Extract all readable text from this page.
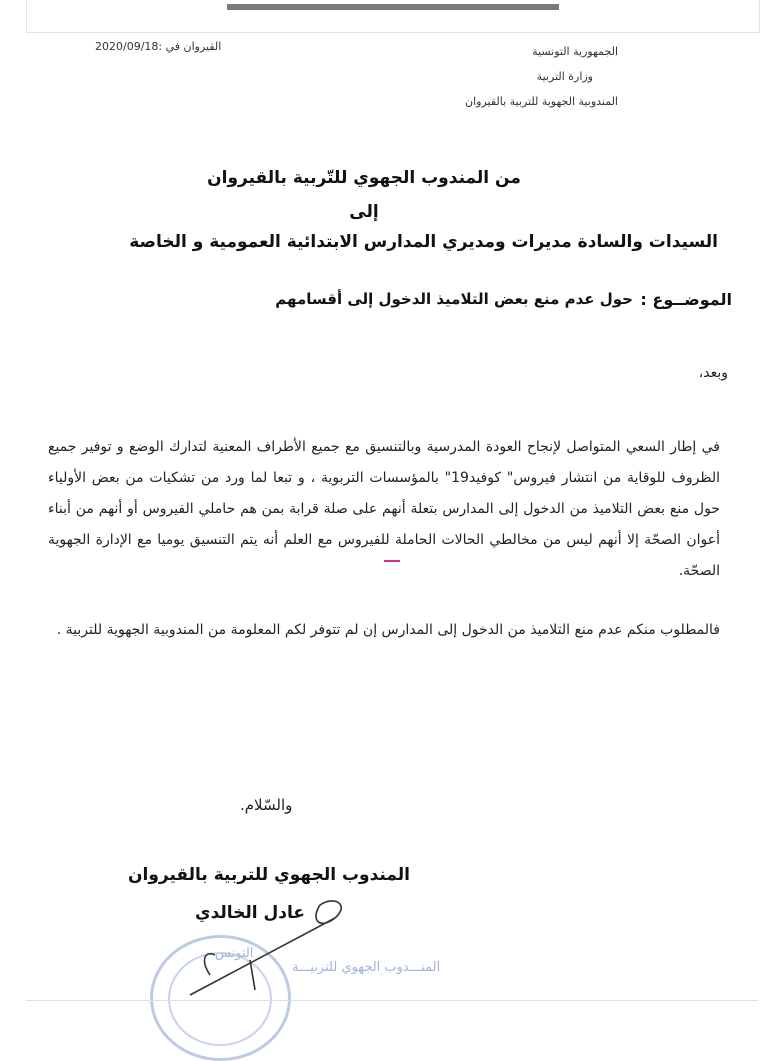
الجمهورية التونسية
وزارة التربية
المندوبية الجهوية للتربية بالقيروان
القيروان في :2020/09/18
من المندوب الجهوي للتّربية بالقيروان
إلى
السيدات والسادة مديرات ومديري المدارس الابتدائية العمومية و الخاصة
الموضــوع :
حول عدم منع بعض التلاميذ الدخول إلى أقسامهم
وبعد،
في إطار السعي المتواصل لإنجاح العودة المدرسية وبالتنسيق مع جميع الأطراف المعنية لتدارك الوضع و توفير جميع الظروف للوقاية من انتشار فيروس" كوفيد19" بالمؤسسات التربوية ، و تبعا لما ورد من تشكيات من بعض الأولياء حول منع بعض التلاميذ من الدخول إلى المدارس بتعلة أنهم على صلة قرابة بمن هم حاملي الفيروس أو أنهم من أبناء أعوان الصحّة إلا أنهم ليس من مخالطي الحالات الحاملة للفيروس مع العلم أنه يتم التنسيق يوميا مع الإدارة الجهوية الصحّة.
فالمطلوب منكم عدم منع التلاميذ من الدخول إلى المدارس إن لم تتوفر لكم المعلومة من المندوبية الجهوية للتربية .
والسّلام.
المندوب الجهوي للتربية بالقيروان
عادل الخالدي
التونس
المنـــدوب الجهوي للتربيـــة
